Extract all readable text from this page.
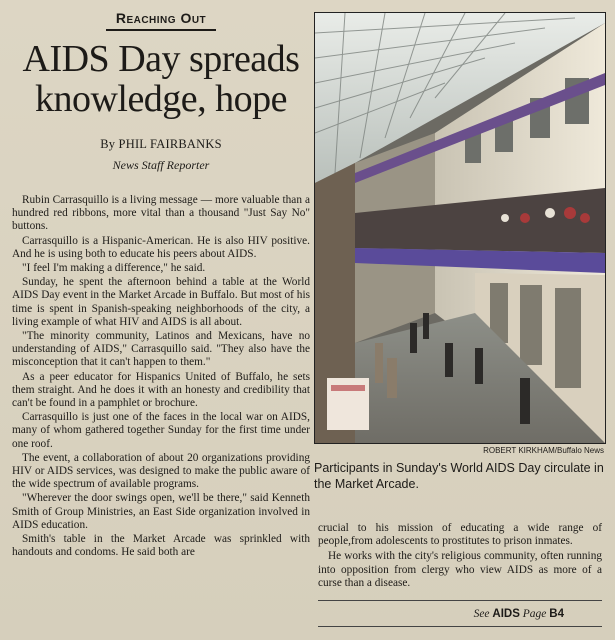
Reaching Out
AIDS Day spreads knowledge, hope
By PHIL FAIRBANKS
News Staff Reporter

Rubin Carrasquillo is a living message — more valuable than a hundred red ribbons, more vital than a thousand "Just Say No" buttons.

Carrasquillo is a Hispanic-American. He is also HIV positive. And he is using both to educate his peers about AIDS.

"I feel I'm making a difference," he said.

Sunday, he spent the afternoon behind a table at the World AIDS Day event in the Market Arcade in Buffalo. But most of his time is spent in Spanish-speaking neighborhoods of the city, a living example of what HIV and AIDS is all about.

"The minority community, Latinos and Mexicans, have no understanding of AIDS," Carrasquillo said. "They also have the misconception that it can't happen to them."

As a peer educator for Hispanics United of Buffalo, he sets them straight. And he does it with an honesty and credibility that can't be found in a pamphlet or brochure.

Carrasquillo is just one of the faces in the local war on AIDS, many of whom gathered together Sunday for the first time under one roof.

The event, a collaboration of about 20 organizations providing HIV or AIDS services, was designed to make the public aware of the wide spectrum of available programs.

"Wherever the door swings open, we'll be there," said Kenneth Smith of Group Ministries, an East Side organization involved in AIDS education.

Smith's table in the Market Arcade was sprinkled with handouts and condoms. He said both are

ROBERT KIRKHAM/Buffalo News
Participants in Sunday's World AIDS Day circulate in the Market Arcade.

crucial to his mission of educating a wide range of people,from adolescents to prostitutes to prison inmates.

He works with the city's religious community, often running into opposition from clergy who view AIDS as more of a curse than a disease.

See AIDS Page B4
